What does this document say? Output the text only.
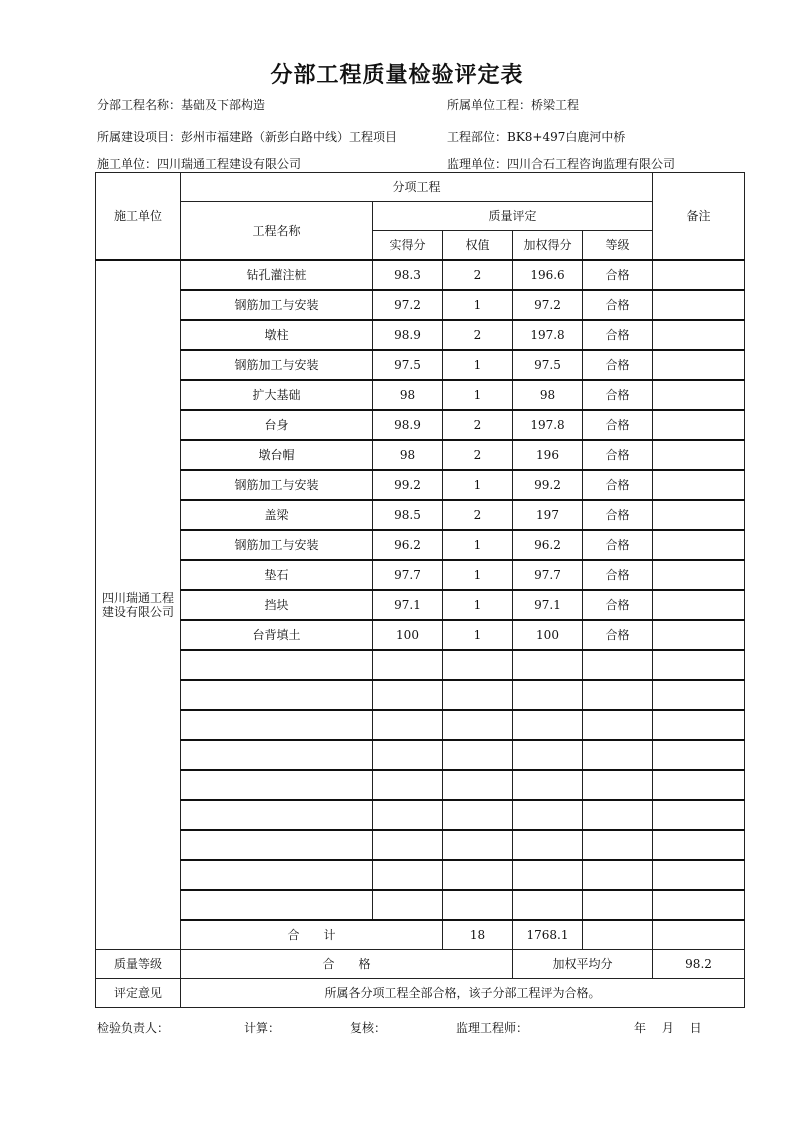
分部工程质量检验评定表
分部工程名称：基础及下部构造	所属单位工程：桥梁工程
所属建设项目：彭州市福建路（新彭白路中线）工程项目	工程部位：BK8+497白鹿河中桥
施工单位：四川瑞通工程建设有限公司	监理单位：四川合石工程咨询监理有限公司
施工单位	分项工程					备注
	工程名称	质量评定				
		实得分	权值	加权得分	等级	
四川瑞通工程
建设有限公司	钻孔灌注桩	98.3	2	196.6	合格	
	钢筋加工与安装	97.2	1	97.2	合格	
	墩柱	98.9	2	197.8	合格	
	钢筋加工与安装	97.5	1	97.5	合格	
	扩大基础	98	1	98	合格	
	台身	98.9	2	197.8	合格	
	墩台帽	98	2	196	合格	
	钢筋加工与安装	99.2	1	99.2	合格	
	盖梁	98.5	2	197	合格	
	钢筋加工与安装	96.2	1	96.2	合格	
	垫石	97.7	1	97.7	合格	
	挡块	97.1	1	97.1	合格	
	台背填土	100	1	100	合格	

	合　　计		18	1768.1		
质量等级	合　　格			加权平均分		98.2
评定意见	所属各分项工程全部合格，该子分部工程评为合格。					
检验负责人：	计算：	复核：	监理工程师：	年　 月　 日
